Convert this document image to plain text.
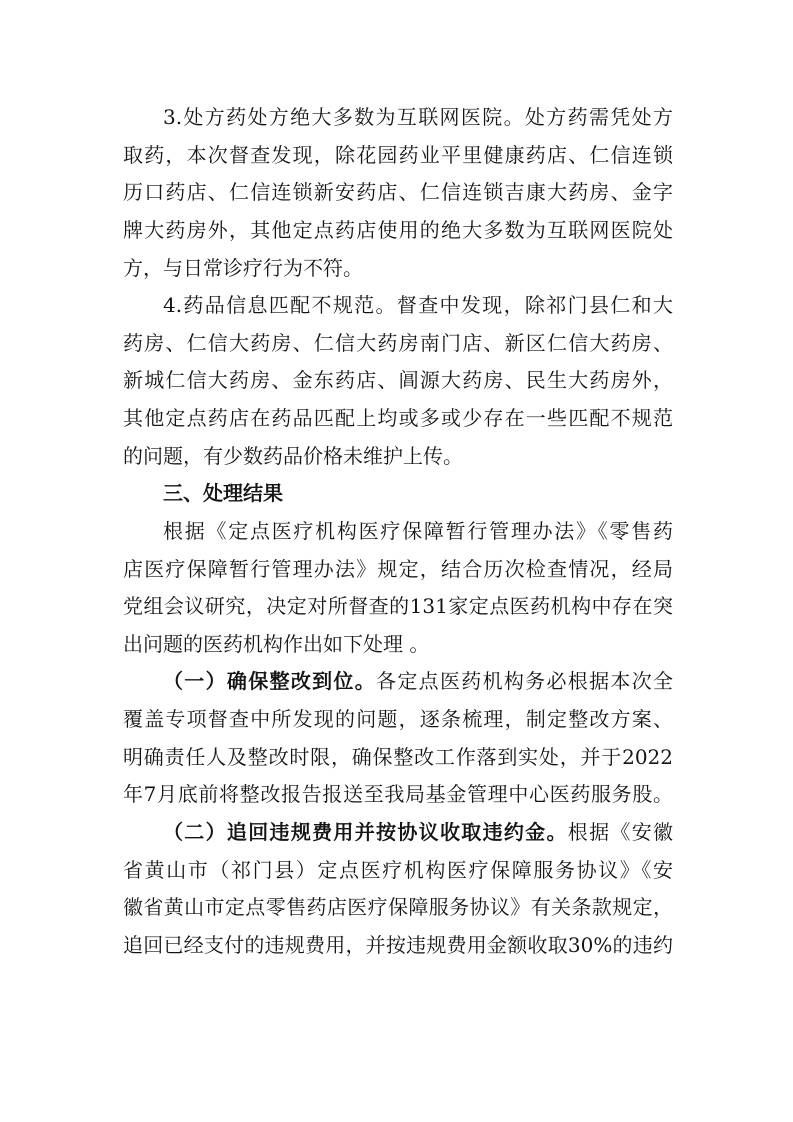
3.处方药处方绝大多数为互联网医院。处方药需凭处方
取药，本次督查发现，除花园药业平里健康药店、仁信连锁
历口药店、仁信连锁新安药店、仁信连锁吉康大药房、金字
牌大药房外，其他定点药店使用的绝大多数为互联网医院处
方，与日常诊疗行为不符。
4.药品信息匹配不规范。督查中发现，除祁门县仁和大
药房、仁信大药房、仁信大药房南门店、新区仁信大药房、
新城仁信大药房、金东药店、阊源大药房、民生大药房外，
其他定点药店在药品匹配上均或多或少存在一些匹配不规范
的问题，有少数药品价格未维护上传。
三、处理结果
根据《定点医疗机构医疗保障暂行管理办法》《零售药
店医疗保障暂行管理办法》规定，结合历次检查情况，经局
党组会议研究，决定对所督查的131家定点医药机构中存在突
出问题的医药机构作出如下处理 。
（一）确保整改到位。各定点医药机构务必根据本次全
覆盖专项督查中所发现的问题，逐条梳理，制定整改方案、
明确责任人及整改时限，确保整改工作落到实处，并于2022
年7月底前将整改报告报送至我局基金管理中心医药服务股。
（二）追回违规费用并按协议收取违约金。根据《安徽
省黄山市（祁门县）定点医疗机构医疗保障服务协议》《安
徽省黄山市定点零售药店医疗保障服务协议》有关条款规定，
追回已经支付的违规费用，并按违规费用金额收取30%的违约
